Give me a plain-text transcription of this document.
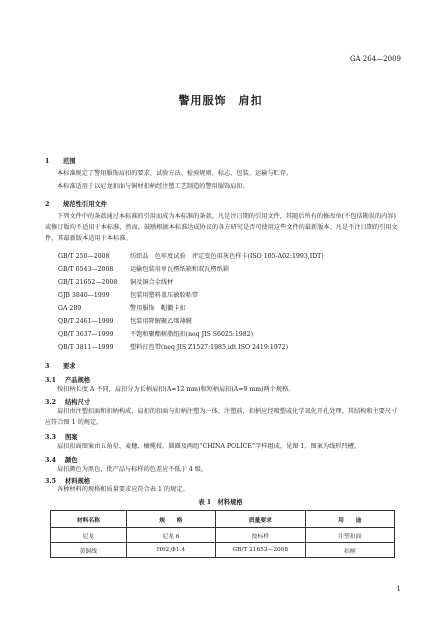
GA 264—2009
警用服饰　肩扣
1 范围
本标准规定了警用服饰肩扣的要求、试验方法、检验规则、标志、包装、运输与贮存。
本标准适用于以尼龙扣面与铜材扣柄经注塑工艺制造的警用服饰肩扣。
2 规范性引用文件
下列文件中的条款通过本标准的引用而成为本标准的条款。凡是注日期的引用文件，其随后所有的修改单(不包括勘误的内容)或修订版均不适用于本标准，然而，鼓励根据本标准达成协议的各方研究是否可使用这些文件的最新版本。凡是不注日期的引用文件，其最新版本适用于本标准。
GB/T 250—2008	纺织品　色牢度试验　评定变色用灰色样卡(ISO 105-A02:1993,IDT)
GB/T 6543—2008	运输包装用单瓦楞纸箱和双瓦楞纸箱
GB/T 21652—2008 铜及铜合金线材
GJB 3840—1999	包装用塑料盖压敏胶粘带
GA 289	警用服饰　帽徽卡扣
QB/T 2461—1999	包装用降解聚乙烯薄膜
QB/T 3637—1999	不饱和聚酯树脂纽扣(neq JIS S6025:1982)
QB/T 3811—1999	塑料打包带(neq JIS Z1527:1985,idt ISO 2419:1972)
3 要求
3.1 产品规格
按扣柄长度 A 不同，肩扣分为长柄肩扣(A=12 mm)和短柄肩扣(A=9 mm)两个规格。
3.2 结构尺寸
肩扣由注塑扣面和扣柄构成，肩扣的扣面与扣柄注塑为一体，注塑前，扣柄应经喷塑或化学氧化开孔处理。其结构和主要尺寸应符合图 1 的规定。
3.3 图案
肩扣扣面图案由五角星、麦穗、橄榄枝、圆圈及两组“CHINA POLICE”字样组成，见图 1。图案为线形凹槽。
3.4 颜色
肩扣颜色为黑色，批产品与标样的色差应不低于 4 级。
表 1　材料规格
材料名称	规　　格	质量要求	用　　途
尼龙	尼龙 6	按标样	注塑扣面
黄铜线	H62,Φ1.4	GB/T 21652—2008	扣柄
1
3.5 材料规格
各种材料的规格和质量要求应符合表 1 的规定。
